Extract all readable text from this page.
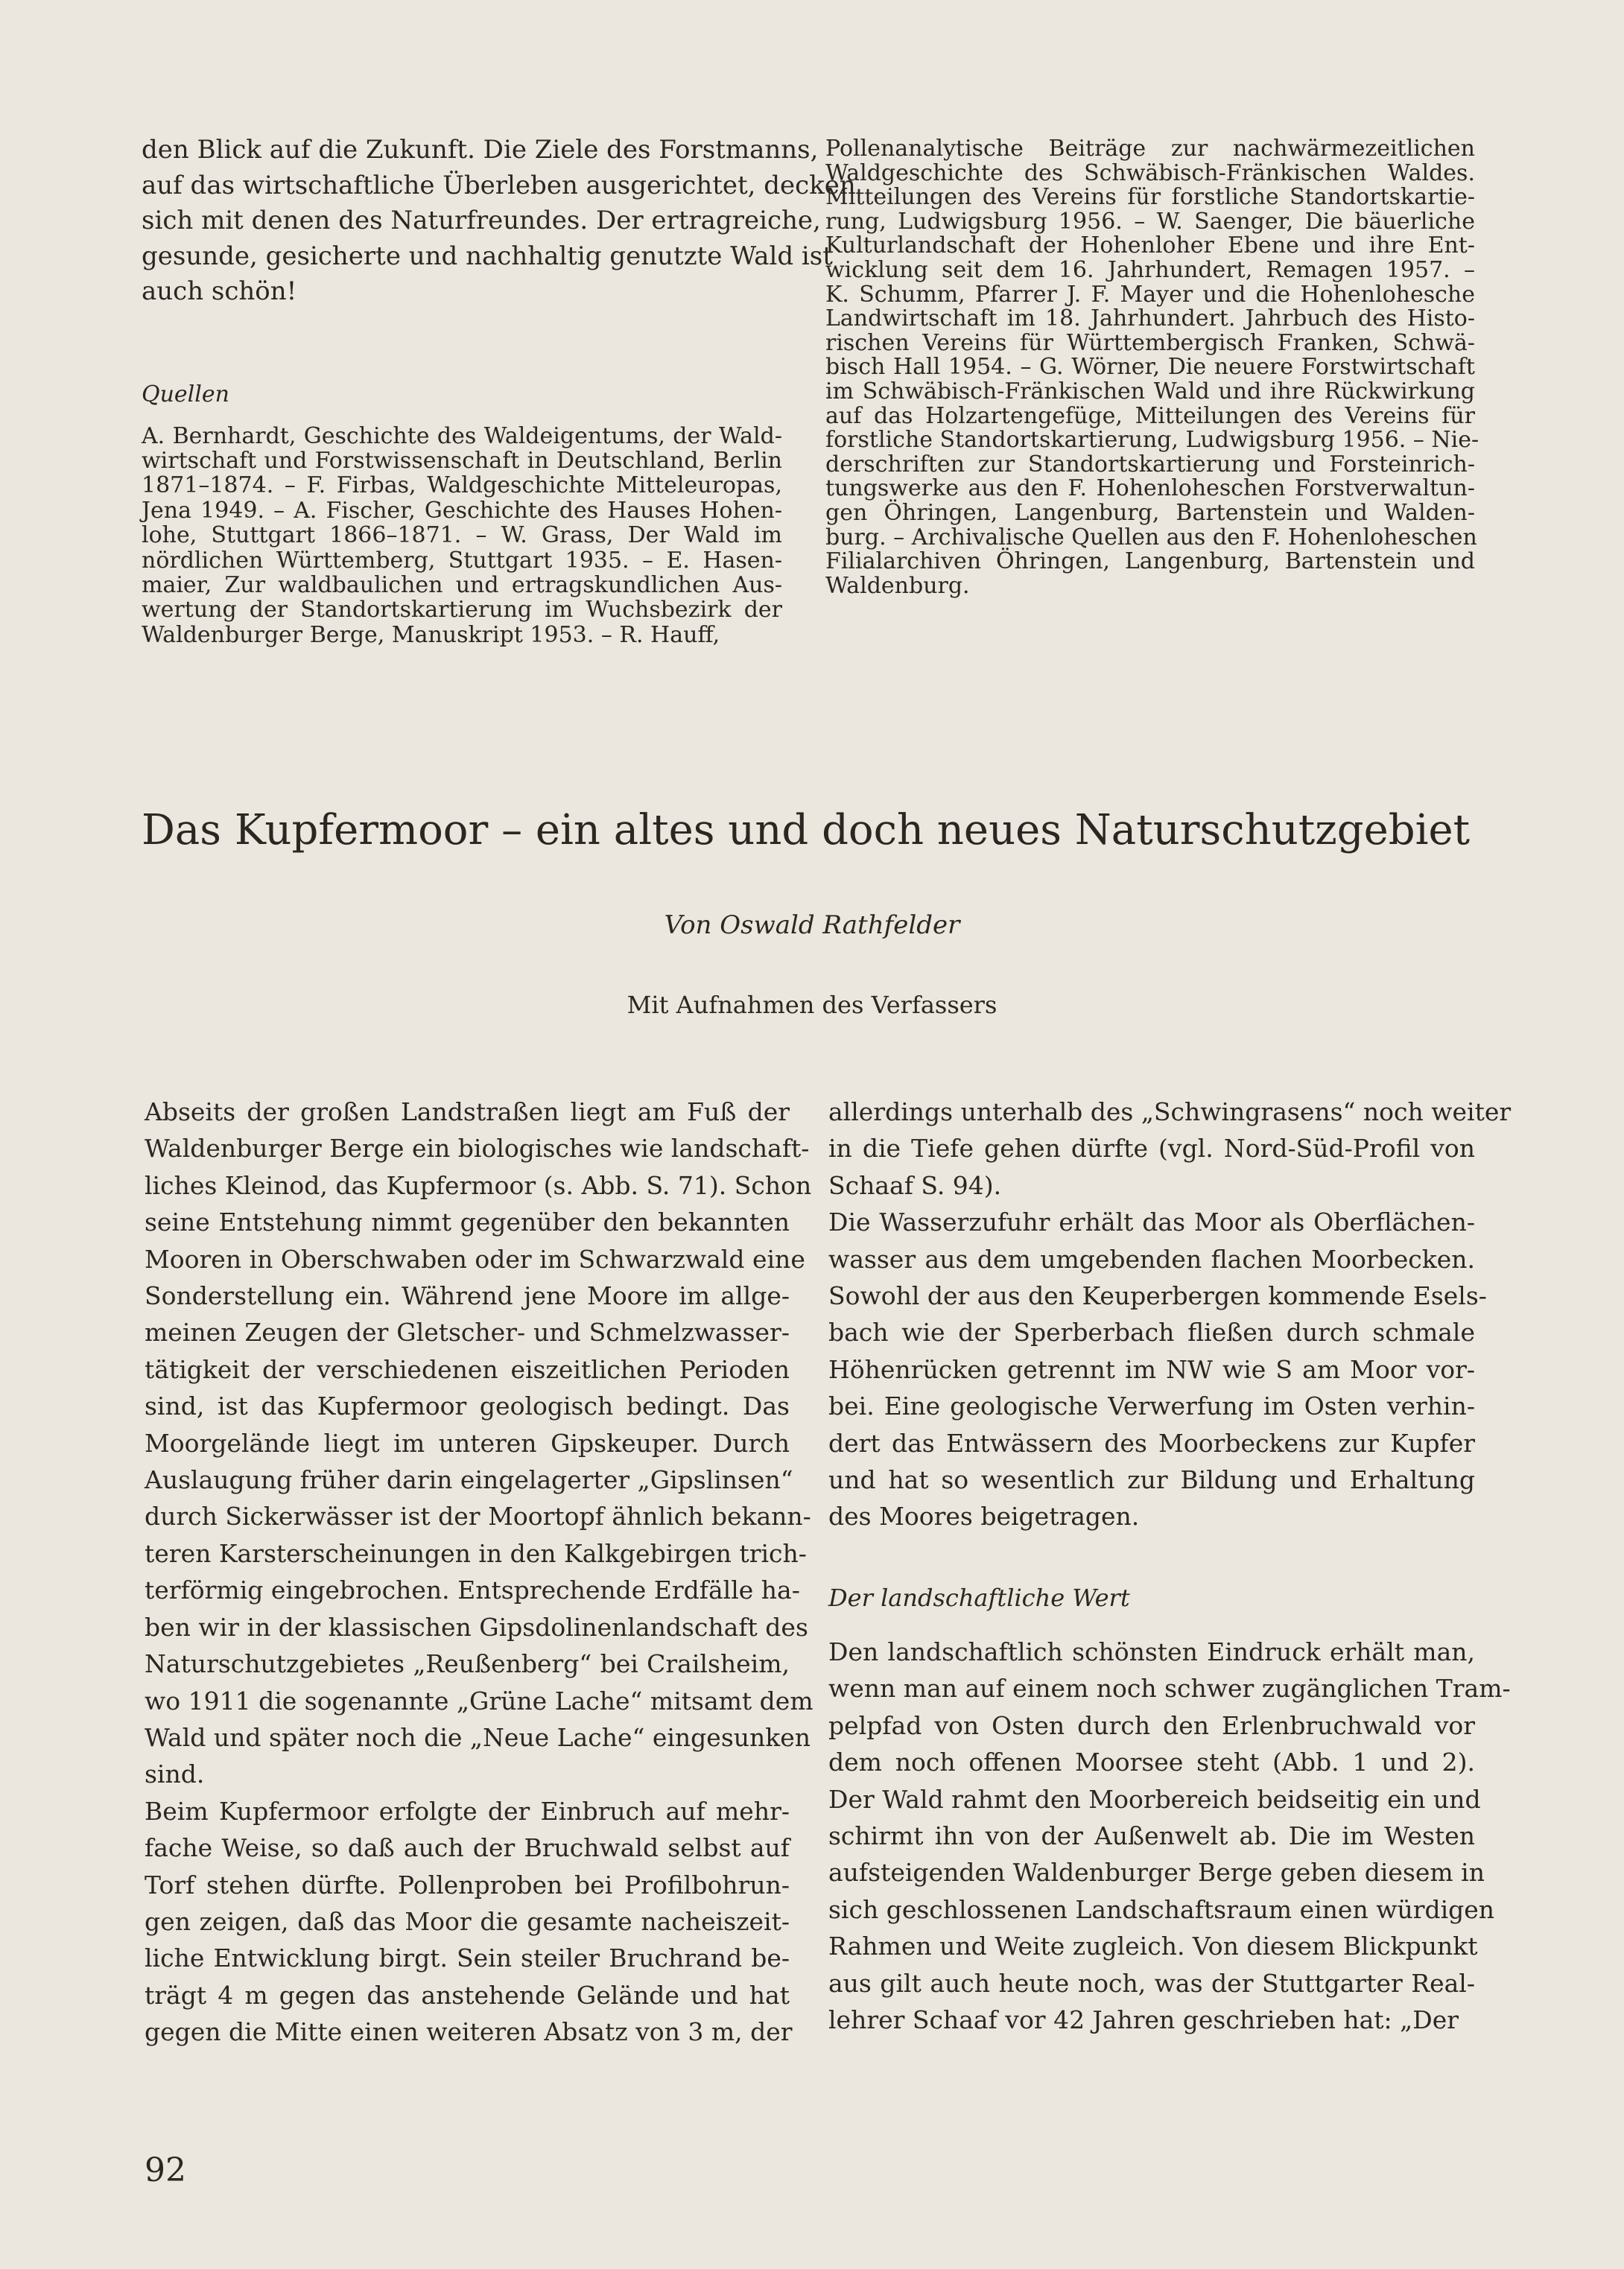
den Blick auf die Zukunft. Die Ziele des Forstmanns,
auf das wirtschaftliche Überleben ausgerichtet, decken
sich mit denen des Naturfreundes. Der ertragreiche,
gesunde, gesicherte und nachhaltig genutzte Wald ist
auch schön!

Quellen

A. Bernhardt, Geschichte des Waldeigentums, der Wald-
wirtschaft und Forstwissenschaft in Deutschland, Berlin
1871–1874. – F. Firbas, Waldgeschichte Mitteleuropas,
Jena 1949. – A. Fischer, Geschichte des Hauses Hohen-
lohe, Stuttgart 1866–1871. – W. Grass, Der Wald im
nördlichen Württemberg, Stuttgart 1935. – E. Hasen-
maier, Zur waldbaulichen und ertragskundlichen Aus-
wertung der Standortskartierung im Wuchsbezirk der
Waldenburger Berge, Manuskript 1953. – R. Hauff,

Pollenanalytische Beiträge zur nachwärmezeitlichen
Waldgeschichte des Schwäbisch-Fränkischen Waldes.
Mitteilungen des Vereins für forstliche Standortskartie-
rung, Ludwigsburg 1956. – W. Saenger, Die bäuerliche
Kulturlandschaft der Hohenloher Ebene und ihre Ent-
wicklung seit dem 16. Jahrhundert, Remagen 1957. –
K. Schumm, Pfarrer J. F. Mayer und die Hohenlohesche
Landwirtschaft im 18. Jahrhundert. Jahrbuch des Histo-
rischen Vereins für Württembergisch Franken, Schwä-
bisch Hall 1954. – G. Wörner, Die neuere Forstwirtschaft
im Schwäbisch-Fränkischen Wald und ihre Rückwirkung
auf das Holzartengefüge, Mitteilungen des Vereins für
forstliche Standortskartierung, Ludwigsburg 1956. – Nie-
derschriften zur Standortskartierung und Forsteinrich-
tungswerke aus den F. Hohenloheschen Forstverwaltun-
gen Öhringen, Langenburg, Bartenstein und Walden-
burg. – Archivalische Quellen aus den F. Hohenloheschen
Filialarchiven Öhringen, Langenburg, Bartenstein und
Waldenburg.

Das Kupfermoor – ein altes und doch neues Naturschutzgebiet
Von Oswald Rathfelder
Mit Aufnahmen des Verfassers

Abseits der großen Landstraßen liegt am Fuß der
Waldenburger Berge ein biologisches wie landschaft-
liches Kleinod, das Kupfermoor (s. Abb. S. 71). Schon
seine Entstehung nimmt gegenüber den bekannten
Mooren in Oberschwaben oder im Schwarzwald eine
Sonderstellung ein. Während jene Moore im allge-
meinen Zeugen der Gletscher- und Schmelzwasser-
tätigkeit der verschiedenen eiszeitlichen Perioden
sind, ist das Kupfermoor geologisch bedingt. Das
Moorgelände liegt im unteren Gipskeuper. Durch
Auslaugung früher darin eingelagerter „Gipslinsen“
durch Sickerwässer ist der Moortopf ähnlich bekann-
teren Karsterscheinungen in den Kalkgebirgen trich-
terförmig eingebrochen. Entsprechende Erdfälle ha-
ben wir in der klassischen Gipsdolinenlandschaft des
Naturschutzgebietes „Reußenberg“ bei Crailsheim,
wo 1911 die sogenannte „Grüne Lache“ mitsamt dem
Wald und später noch die „Neue Lache“ eingesunken
sind.

Beim Kupfermoor erfolgte der Einbruch auf mehr-
fache Weise, so daß auch der Bruchwald selbst auf
Torf stehen dürfte. Pollenproben bei Profilbohrun-
gen zeigen, daß das Moor die gesamte nacheiszeit-
liche Entwicklung birgt. Sein steiler Bruchrand be-
trägt 4 m gegen das anstehende Gelände und hat
gegen die Mitte einen weiteren Absatz von 3 m, der

allerdings unterhalb des „Schwingrasens“ noch weiter
in die Tiefe gehen dürfte (vgl. Nord-Süd-Profil von
Schaaf S. 94).

Die Wasserzufuhr erhält das Moor als Oberflächen-
wasser aus dem umgebenden flachen Moorbecken.
Sowohl der aus den Keuperbergen kommende Esels-
bach wie der Sperberbach fließen durch schmale
Höhenrücken getrennt im NW wie S am Moor vor-
bei. Eine geologische Verwerfung im Osten verhin-
dert das Entwässern des Moorbeckens zur Kupfer
und hat so wesentlich zur Bildung und Erhaltung
des Moores beigetragen.

Der landschaftliche Wert

Den landschaftlich schönsten Eindruck erhält man,
wenn man auf einem noch schwer zugänglichen Tram-
pelpfad von Osten durch den Erlenbruchwald vor
dem noch offenen Moorsee steht (Abb. 1 und 2).
Der Wald rahmt den Moorbereich beidseitig ein und
schirmt ihn von der Außenwelt ab. Die im Westen
aufsteigenden Waldenburger Berge geben diesem in
sich geschlossenen Landschaftsraum einen würdigen
Rahmen und Weite zugleich. Von diesem Blickpunkt
aus gilt auch heute noch, was der Stuttgarter Real-
lehrer Schaaf vor 42 Jahren geschrieben hat: „Der

92
